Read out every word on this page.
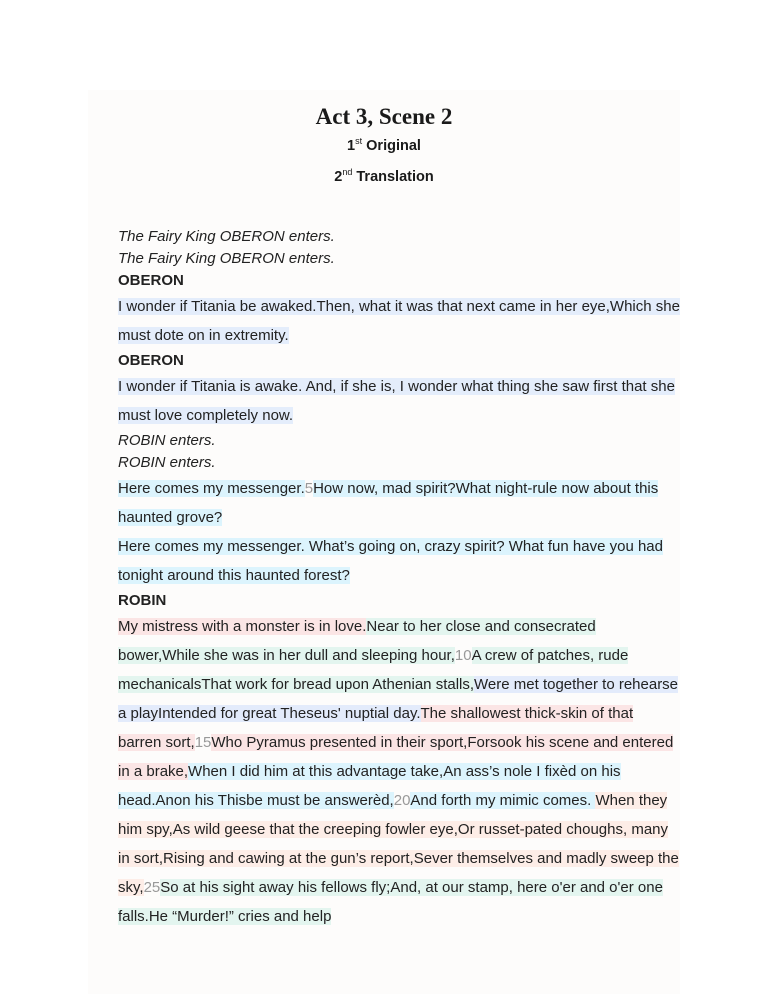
Act 3, Scene 2
1st Original
2nd Translation
The Fairy King OBERON enters.
The Fairy King OBERON enters.
OBERON
I wonder if Titania be awaked.Then, what it was that next came in her eye,Which she must dote on in extremity.
OBERON
I wonder if Titania is awake. And, if she is, I wonder what thing she saw first that she must love completely now.
ROBIN enters.
ROBIN enters.
Here comes my messenger.5How now, mad spirit?What night-rule now about this haunted grove?
Here comes my messenger. What’s going on, crazy spirit? What fun have you had tonight around this haunted forest?
ROBIN
My mistress with a monster is in love.Near to her close and consecrated bower,While she was in her dull and sleeping hour,10A crew of patches, rude mechanicalsThat work for bread upon Athenian stalls,Were met together to rehearse a playIntended for great Theseus' nuptial day.The shallowest thick-skin of that barren sort,15Who Pyramus presented in their sport,Forsook his scene and entered in a brake,When I did him at this advantage take,An ass’s nole I fixèd on his head.Anon his Thisbe must be answerèd,20And forth my mimic comes. When they him spy,As wild geese that the creeping fowler eye,Or russet-pated choughs, many in sort,Rising and cawing at the gun’s report,Sever themselves and madly sweep the sky,25So at his sight away his fellows fly;And, at our stamp, here o'er and o'er one falls.He “Murder!” cries and help
